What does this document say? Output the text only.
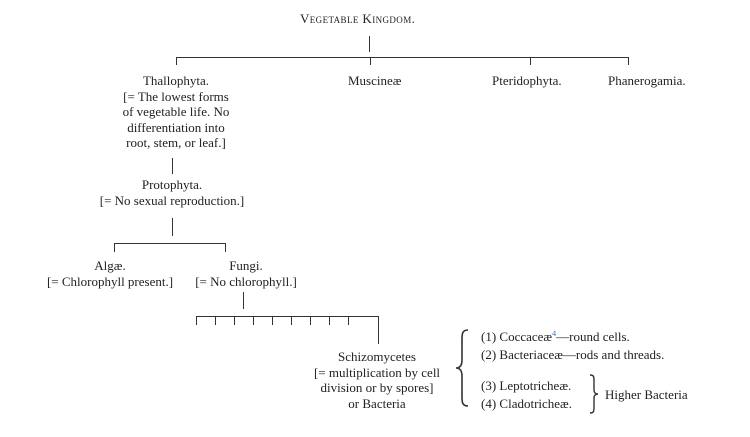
Vegetable Kingdom.
Thallophyta.
[= The lowest forms
of vegetable life. No
differentiation into
root, stem, or leaf.]
Muscineæ	Pteridophyta.	Phanerogamia.
Protophyta.
[= No sexual reproduction.]
Algæ.
[= Chlorophyll present.]
Fungi.
[= No chlorophyll.]
Schizomycetes
[= multiplication by cell
division or by spores]
or Bacteria
(1) Coccaceæ$^4$—round cells.
(2) Bacteriaceæ—rods and threads.
(3) Leptotricheæ.
(4) Cladotricheæ.
Higher Bacteria
